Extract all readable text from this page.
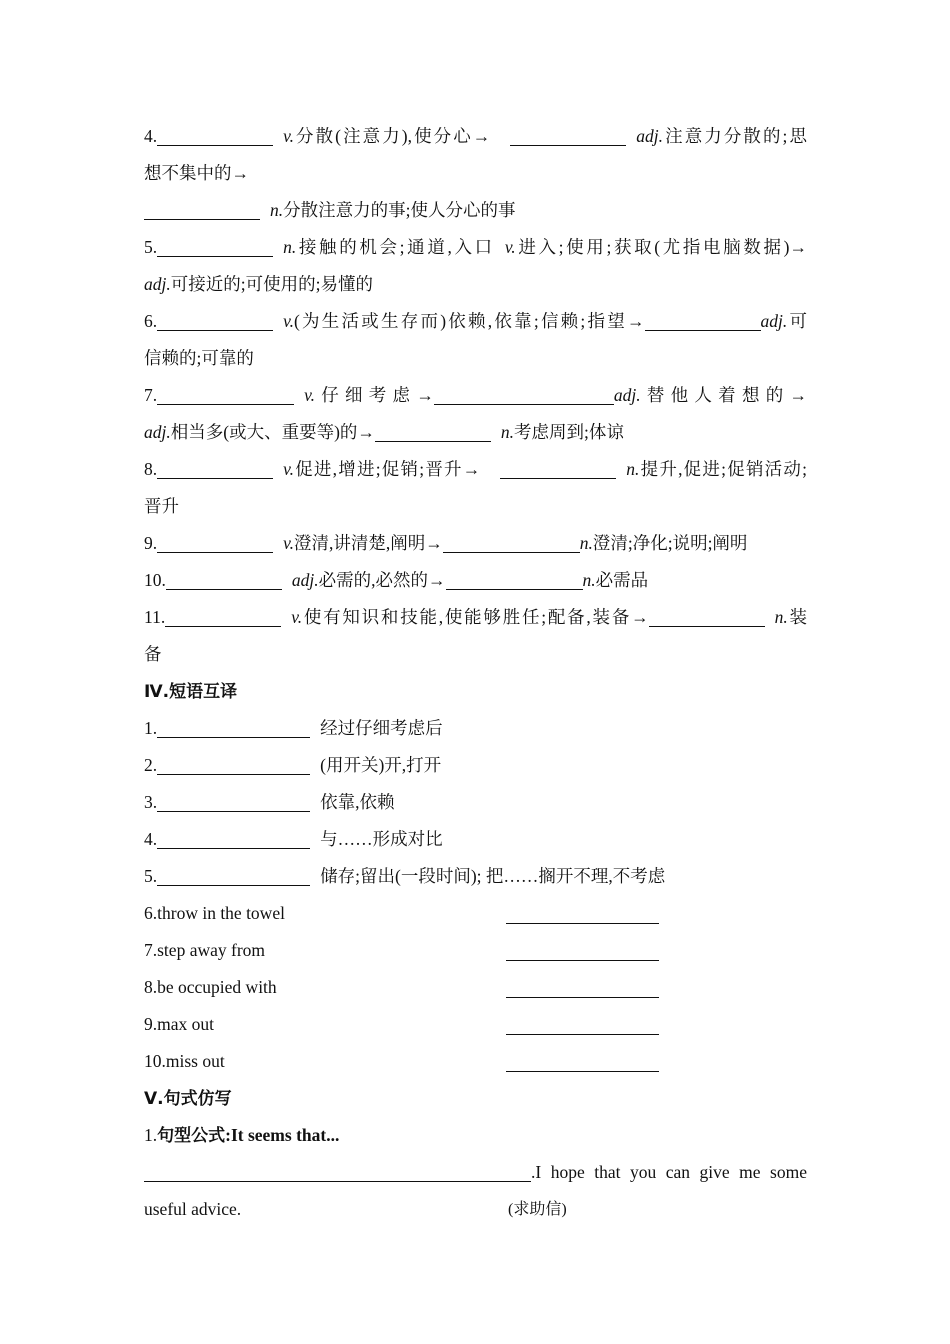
4.	v.分散(注意力),使分心→	adj.注意力分散的;思
想不集中的→
n.分散注意力的事;使人分心的事
5.	n.接触的机会;通道,入口 v.进入;使用;获取(尤指电脑数据)→
adj.可接近的;可使用的;易懂的
6.	v.(为生活或生存而)依赖,依靠;信赖;指望→	adj.可
信赖的;可靠的
7.	v.仔细考虑→	adj.替他人着想的→
adj.相当多(或大、重要等)的→	n.考虑周到;体谅
8.	v.促进,增进;促销;晋升→	n.提升,促进;促销活动;
晋升
9.	v.澄清,讲清楚,阐明→	n.澄清;净化;说明;阐明
10.	adj.必需的,必然的→	n.必需品
11.	v.使有知识和技能,使能够胜任;配备,装备→	n.装
备
Ⅳ.短语互译
1.	经过仔细考虑后
2.	(用开关)开,打开
3.	依靠,依赖
4.	与……形成对比
5.	储存;留出(一段时间); 把……搁开不理,不考虑
6.throw in the towel
7.step away from
8.be occupied with
9.max out
10.miss out
Ⅴ.句式仿写
1.句型公式:It seems that...
.I hope that you can give me some
useful advice.	(求助信)
